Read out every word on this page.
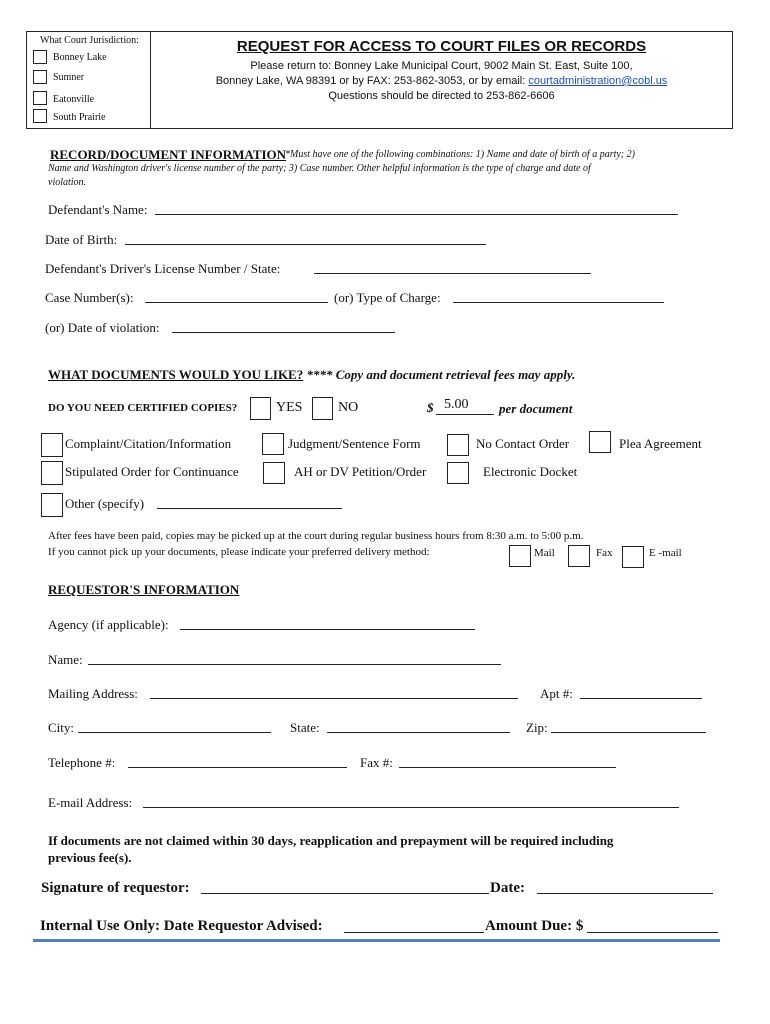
What Court Jurisdiction:
Bonney Lake
Sumner
Eatonville
South Prairie
REQUEST FOR ACCESS TO COURT FILES OR RECORDS
Please return to: Bonney Lake Municipal Court, 9002 Main St. East, Suite 100,
Bonney Lake, WA 98391 or by FAX: 253-862-3053, or by email: courtadministration@cobl.us
Questions should be directed to 253-862-6606
RECORD/DOCUMENT INFORMATION
*Must have one of the following combinations: 1) Name and date of birth of a party; 2)
Name and Washington driver's license number of the party; 3) Case number. Other helpful information is the type of charge and date of
violation.
Defendant's Name:
Date of Birth:
Defendant's Driver's License Number / State:
Case Number(s):	(or) Type of Charge:
(or) Date of violation:
WHAT DOCUMENTS WOULD YOU LIKE? **** Copy and document retrieval fees may apply.
DO YOU NEED CERTIFIED COPIES?	YES	NO	$ 5.00 per document
Complaint/Citation/Information	Judgment/Sentence Form	No Contact Order	Plea Agreement
Stipulated Order for Continuance	AH or DV Petition/Order	Electronic Docket
Other (specify)
After fees have been paid, copies may be picked up at the court during regular business hours from 8:30 a.m. to 5:00 p.m.
If you cannot pick up your documents, please indicate your preferred delivery method:	Mail	Fax	E -mail
REQUESTOR'S INFORMATION
Agency (if applicable):
Name:
Mailing Address:	Apt #:
City:	State:	Zip:
Telephone #:	Fax #:
E-mail Address:
If documents are not claimed within 30 days, reapplication and prepayment will be required including
previous fee(s).
Signature of requestor:	Date:
Internal Use Only: Date Requestor Advised:	Amount Due: $
